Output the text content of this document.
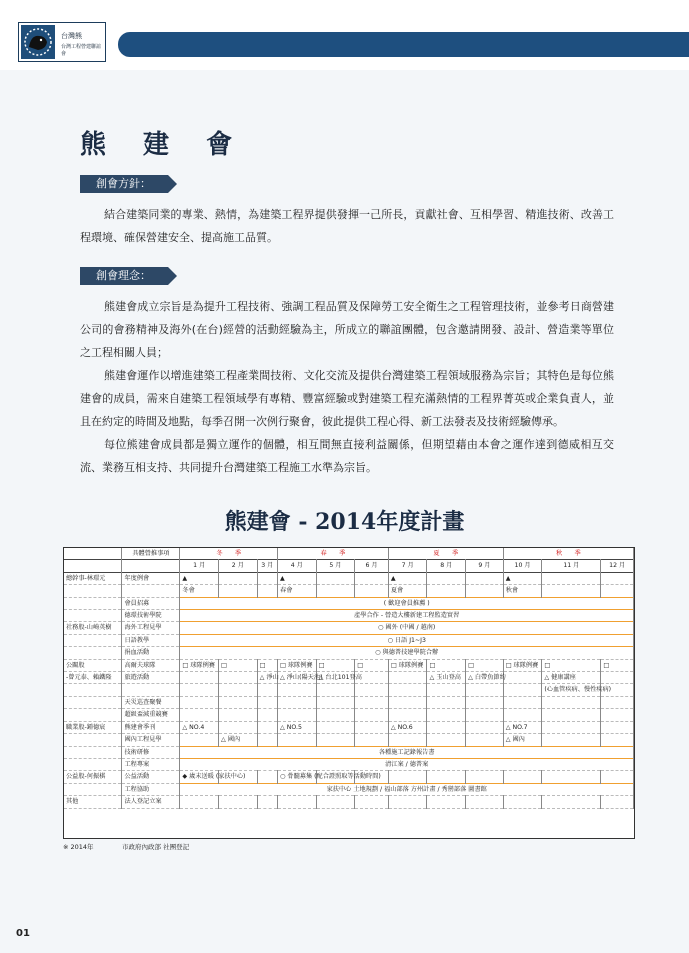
台灣熊
台灣工程營建聯誼會
熊 建 會
創會方針：
結合建築同業的專業、熱情，為建築工程界提供發揮一己所長，貢獻社會、互相學習、精進技術、改善工程環境、確保營建安全、提高施工品質。
創會理念：
熊建會成立宗旨是為提升工程技術、強調工程品質及保障勞工安全衛生之工程管理技術，並參考日商營建公司的會務精神及海外(在台)經營的活動經驗為主，所成立的聯誼團體，包含邀請開發、設計、營造業等單位之工程相關人員；
熊建會運作以增進建築工程產業間技術、文化交流及提供台灣建築工程領域服務為宗旨；其特色是每位熊建會的成員，需來自建築工程領域學有專精、豐富經驗或對建築工程充滿熱情的工程界菁英或企業負責人，並且在約定的時間及地點，每季召開一次例行聚會，彼此提供工程心得、新工法發表及技術經驗傳承。
每位熊建會成員都是獨立運作的個體，相互間無直接利益關係，但期望藉由本會之運作達到德威相互交流、業務互相支持、共同提升台灣建築工程施工水準為宗旨。
熊建會 - 2014年度計畫
	具體營推事項	冬　　季			春　　季			夏　　季			秋　　季		
		1 月	2 月	3 月	4 月	5 月	6 月	7 月	8 月	9 月	10 月	11 月	12 月
總幹事-林璟元	年度例會	▲			▲			▲			▲		
		冬會			春會			夏會			秋會		
	會員招募	( 歡迎會員推薦 )											
	德璟技術學院	產學合作 - 營造大樓新建工程監造實習											
社務股-山崎英樹	海外工程見學	○ 國外 (中國 / 越南)											
	日語教學	○ 日語 J1~J3											
	捐血活動	○ 與德普技建學院合辦											
公關股	高爾夫球隊	□ 球隊例賽	□	□	□ 球隊例賽	□	□	□ 球隊例賽	□	□	□ 球隊例賽	□	□
-曾元泰、賴鐵隆	旅遊活動			△ 淨山	△ 淨山(陽天池)	△ 台北101登高			△ 玉山登高	△ 白帶魚節約		△ 健康講座	
												(心血管疾病、慢性疾病)	
	天災巡查聚餐												
	超級盃減重競賽												
職業股-鍾德宸	熊建會季刊	△ NO.4			△ NO.5			△ NO.6			△ NO.7		
	國內工程見學		△ 國內								△ 國內		
	技術研修	各種施工記錄報告書											
	工程專案	清江案 / 德普案											
公益股-何振棋	公益活動	◆ 歲末送暖 (家扶中心)			○ 骨髓募集 (配合證照取等活動時間)								
	工程協助	家扶中心 土地規劃 / 福山部落 方州計畫 / 秀巒部落 圖書館											
其他	法人登記立案												
※ 2014年	市政府內政部 社團登記
01
